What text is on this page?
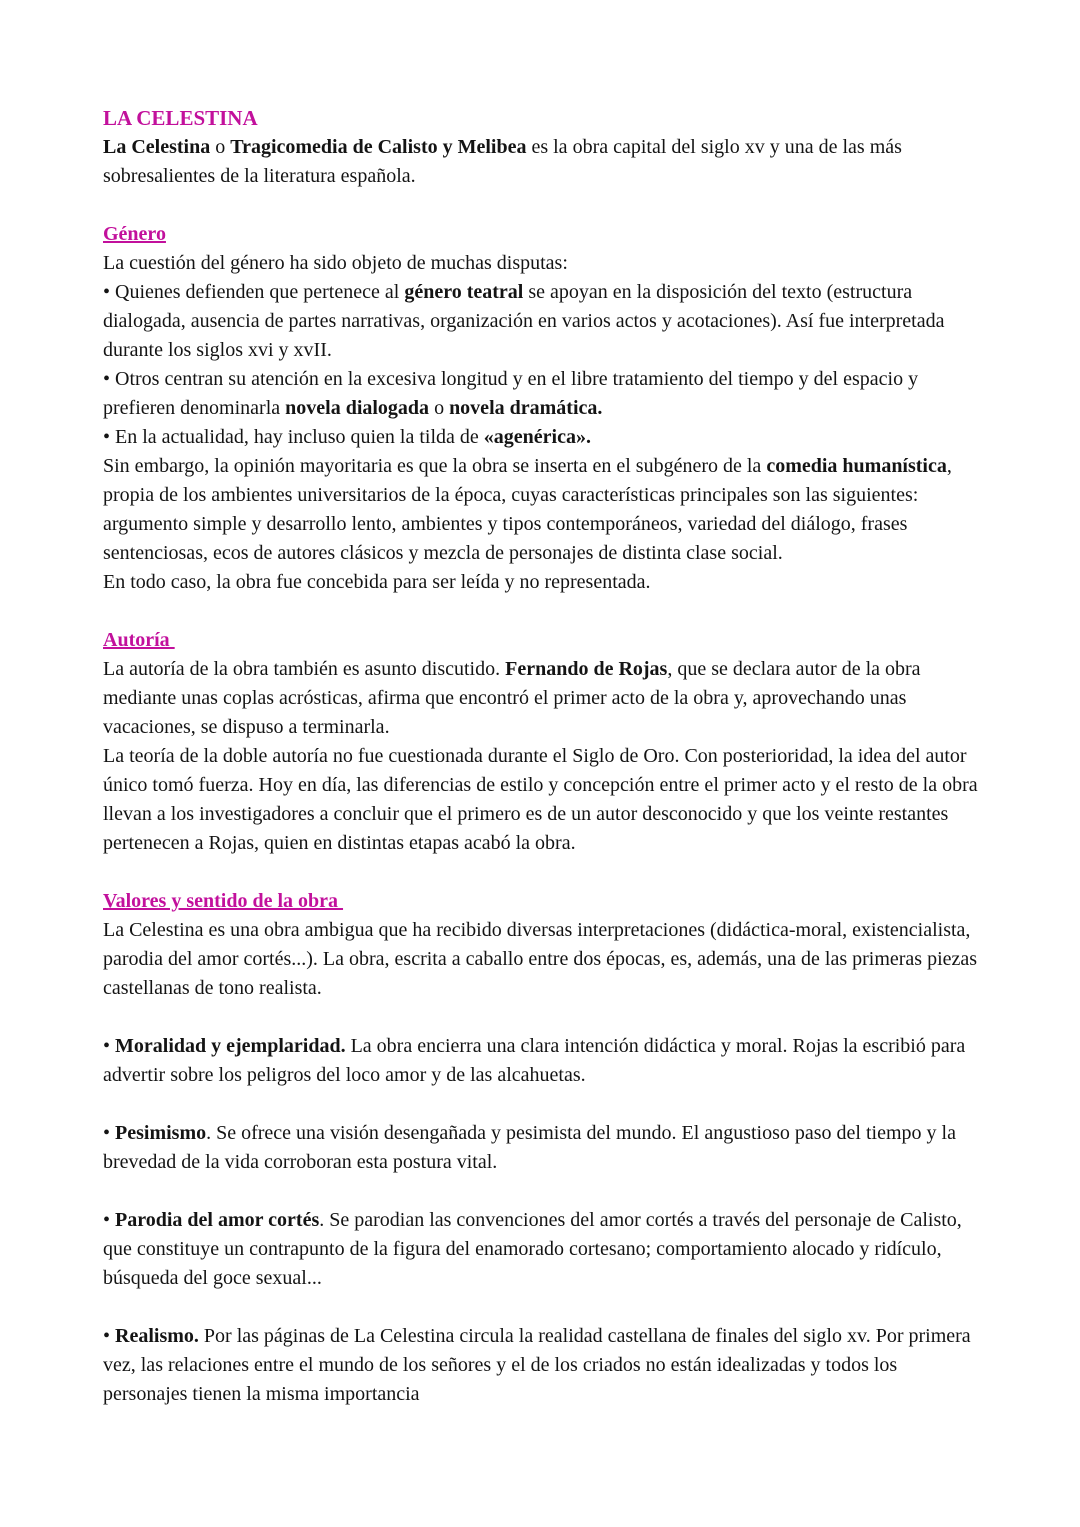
LA CELESTINA

La Celestina o Tragicomedia de Calisto y Melibea es la obra capital del siglo xv y una de las más sobresalientes de la literatura española.

Género

La cuestión del género ha sido objeto de muchas disputas:

• Quienes defienden que pertenece al género teatral se apoyan en la disposición del texto (estructura dialogada, ausencia de partes narrativas, organización en varios actos y acotaciones). Así fue interpretada durante los siglos xvi y xvII.

• Otros centran su atención en la excesiva longitud y en el libre tratamiento del tiempo y del espacio y prefieren denominarla novela dialogada o novela dramática.

• En la actualidad, hay incluso quien la tilda de «agenérica».

Sin embargo, la opinión mayoritaria es que la obra se inserta en el subgénero de la comedia humanística, propia de los ambientes universitarios de la época, cuyas características principales son las siguientes: argumento simple y desarrollo lento, ambientes y tipos contemporáneos, variedad del diálogo, frases sentenciosas, ecos de autores clásicos y mezcla de personajes de distinta clase social.

En todo caso, la obra fue concebida para ser leída y no representada.

Autoría

La autoría de la obra también es asunto discutido. Fernando de Rojas, que se declara autor de la obra mediante unas coplas acrósticas, afirma que encontró el primer acto de la obra y, aprovechando unas vacaciones, se dispuso a terminarla.

La teoría de la doble autoría no fue cuestionada durante el Siglo de Oro. Con posterioridad, la idea del autor único tomó fuerza. Hoy en día, las diferencias de estilo y concepción entre el primer acto y el resto de la obra llevan a los investigadores a concluir que el primero es de un autor desconocido y que los veinte restantes pertenecen a Rojas, quien en distintas etapas acabó la obra.

Valores y sentido de la obra

La Celestina es una obra ambigua que ha recibido diversas interpretaciones (didáctica-moral, existencialista, parodia del amor cortés...). La obra, escrita a caballo entre dos épocas, es, además, una de las primeras piezas castellanas de tono realista.

• Moralidad y ejemplaridad. La obra encierra una clara intención didáctica y moral. Rojas la escribió para advertir sobre los peligros del loco amor y de las alcahuetas.

• Pesimismo. Se ofrece una visión desengañada y pesimista del mundo. El angustioso paso del tiempo y la brevedad de la vida corroboran esta postura vital.

• Parodia del amor cortés. Se parodian las convenciones del amor cortés a través del personaje de Calisto, que constituye un contrapunto de la figura del enamorado cortesano; comportamiento alocado y ridículo, búsqueda del goce sexual...

• Realismo. Por las páginas de La Celestina circula la realidad castellana de finales del siglo xv. Por primera vez, las relaciones entre el mundo de los señores y el de los criados no están idealizadas y todos los personajes tienen la misma importancia
